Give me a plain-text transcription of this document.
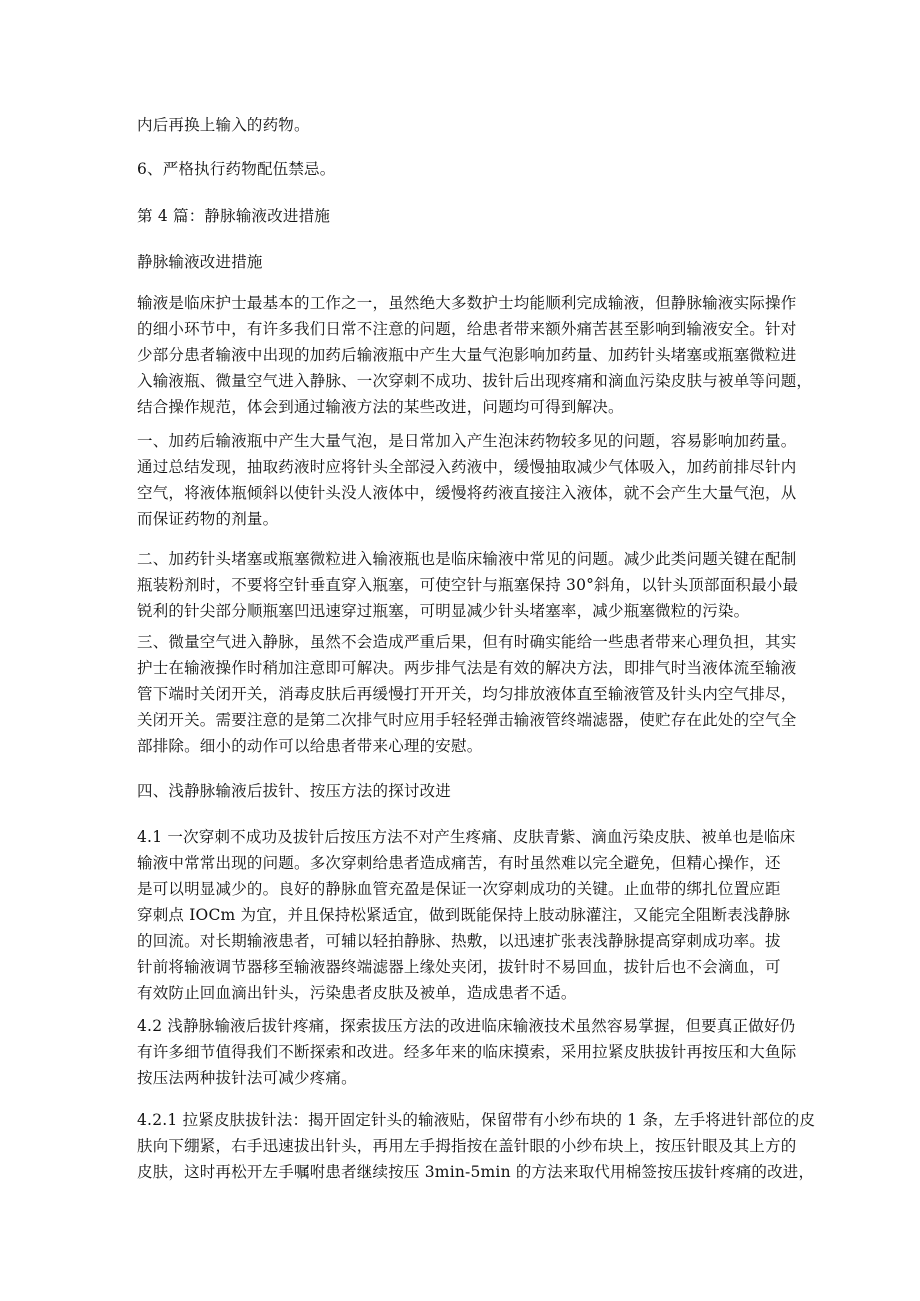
内后再换上输入的药物。

6、严格执行药物配伍禁忌。

第 4 篇：静脉输液改进措施

静脉输液改进措施

输液是临床护士最基本的工作之一，虽然绝大多数护士均能顺利完成输液，但静脉输液实际操作
的细小环节中，有许多我们日常不注意的问题，给患者带来额外痛苦甚至影响到输液安全。针对
少部分患者输液中出现的加药后输液瓶中产生大量气泡影响加药量、加药针头堵塞或瓶塞微粒进
入输液瓶、微量空气进入静脉、一次穿刺不成功、拔针后出现疼痛和滴血污染皮肤与被单等问题，
结合操作规范，体会到通过输液方法的某些改进，问题均可得到解决。

一、加药后输液瓶中产生大量气泡，是日常加入产生泡沫药物较多见的问题，容易影响加药量。
通过总结发现，抽取药液时应将针头全部浸入药液中，缓慢抽取减少气体吸入，加药前排尽针内
空气，将液体瓶倾斜以使针头没人液体中，缓慢将药液直接注入液体，就不会产生大量气泡，从
而保证药物的剂量。

二、加药针头堵塞或瓶塞微粒进入输液瓶也是临床输液中常见的问题。减少此类问题关键在配制
瓶装粉剂时，不要将空针垂直穿入瓶塞，可使空针与瓶塞保持 30°斜角，以针头顶部面积最小最
锐利的针尖部分顺瓶塞凹迅速穿过瓶塞，可明显减少针头堵塞率，减少瓶塞微粒的污染。

三、微量空气进入静脉，虽然不会造成严重后果，但有时确实能给一些患者带来心理负担，其实
护士在输液操作时稍加注意即可解决。两步排气法是有效的解决方法，即排气时当液体流至输液
管下端时关闭开关，消毒皮肤后再缓慢打开开关，均匀排放液体直至输液管及针头内空气排尽，
关闭开关。需要注意的是第二次排气时应用手轻轻弹击输液管终端滤器，使贮存在此处的空气全
部排除。细小的动作可以给患者带来心理的安慰。

四、浅静脉输液后拔针、按压方法的探讨改进

4.1 一次穿刺不成功及拔针后按压方法不对产生疼痛、皮肤青紫、滴血污染皮肤、被单也是临床
输液中常常出现的问题。多次穿刺给患者造成痛苦，有时虽然难以完全避免，但精心操作，还
是可以明显减少的。良好的静脉血管充盈是保证一次穿刺成功的关键。止血带的绑扎位置应距
穿刺点 IOCm 为宜，并且保持松紧适宜，做到既能保持上肢动脉灌注，又能完全阻断表浅静脉
的回流。对长期输液患者，可辅以轻拍静脉、热敷，以迅速扩张表浅静脉提高穿刺成功率。拔
针前将输液调节器移至输液器终端滤器上缘处夹闭，拔针时不易回血，拔针后也不会滴血，可
有效防止回血滴出针头，污染患者皮肤及被单，造成患者不适。

4.2 浅静脉输液后拔针疼痛，探索拔压方法的改进临床输液技术虽然容易掌握，但要真正做好仍
有许多细节值得我们不断探索和改进。经多年来的临床摸索，采用拉紧皮肤拔针再按压和大鱼际
按压法两种拔针法可减少疼痛。

4.2.1 拉紧皮肤拔针法：揭开固定针头的输液贴，保留带有小纱布块的 1 条，左手将进针部位的皮
肤向下绷紧，右手迅速拔出针头，再用左手拇指按在盖针眼的小纱布块上，按压针眼及其上方的
皮肤，这时再松开左手嘱咐患者继续按压 3min-5min 的方法来取代用棉签按压拔针疼痛的改进，
